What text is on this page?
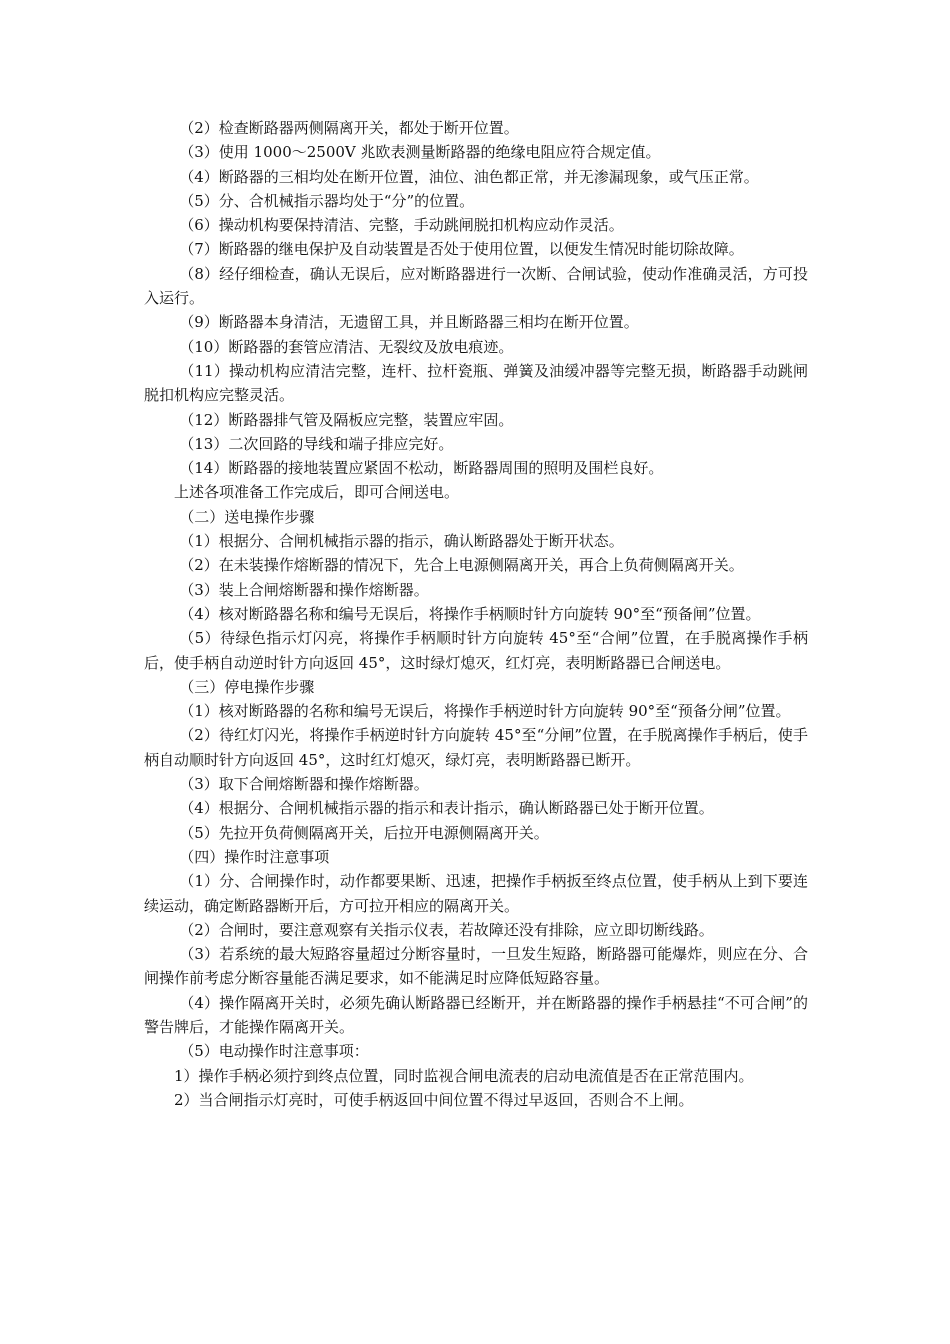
（2）检查断路器两侧隔离开关，都处于断开位置。

（3）使用 1000～2500V 兆欧表测量断路器的绝缘电阻应符合规定值。

（4）断路器的三相均处在断开位置，油位、油色都正常，并无渗漏现象，或气压正常。

（5）分、合机械指示器均处于“分”的位置。

（6）操动机构要保持清洁、完整，手动跳闸脱扣机构应动作灵活。

（7）断路器的继电保护及自动装置是否处于使用位置，以便发生情况时能切除故障。

（8）经仔细检查，确认无误后，应对断路器进行一次断、合闸试验，使动作准确灵活，方可投入运行。

（9）断路器本身清洁，无遗留工具，并且断路器三相均在断开位置。

（10）断路器的套管应清洁、无裂纹及放电痕迹。

（11）操动机构应清洁完整，连杆、拉杆瓷瓶、弹簧及油缓冲器等完整无损，断路器手动跳闸脱扣机构应完整灵活。

（12）断路器排气管及隔板应完整，装置应牢固。

（13）二次回路的导线和端子排应完好。

（14）断路器的接地装置应紧固不松动，断路器周围的照明及围栏良好。

上述各项准备工作完成后，即可合闸送电。

（二）送电操作步骤

（1）根据分、合闸机械指示器的指示，确认断路器处于断开状态。

（2）在未装操作熔断器的情况下，先合上电源侧隔离开关，再合上负荷侧隔离开关。

（3）装上合闸熔断器和操作熔断器。

（4）核对断路器名称和编号无误后，将操作手柄顺时针方向旋转 90°至“预备闸”位置。

（5）待绿色指示灯闪亮，将操作手柄顺时针方向旋转 45°至“合闸”位置，在手脱离操作手柄后，使手柄自动逆时针方向返回 45°，这时绿灯熄灭，红灯亮，表明断路器已合闸送电。

（三）停电操作步骤

（1）核对断路器的名称和编号无误后，将操作手柄逆时针方向旋转 90°至“预备分闸”位置。

（2）待红灯闪光，将操作手柄逆时针方向旋转 45°至“分闸”位置，在手脱离操作手柄后，使手柄自动顺时针方向返回 45°，这时红灯熄灭，绿灯亮，表明断路器已断开。

（3）取下合闸熔断器和操作熔断器。

（4）根据分、合闸机械指示器的指示和表计指示，确认断路器已处于断开位置。

（5）先拉开负荷侧隔离开关，后拉开电源侧隔离开关。

（四）操作时注意事项

（1）分、合闸操作时，动作都要果断、迅速，把操作手柄扳至终点位置，使手柄从上到下要连续运动，确定断路器断开后，方可拉开相应的隔离开关。

（2）合闸时，要注意观察有关指示仪表，若故障还没有排除，应立即切断线路。

（3）若系统的最大短路容量超过分断容量时，一旦发生短路，断路器可能爆炸，则应在分、合闸操作前考虑分断容量能否满足要求，如不能满足时应降低短路容量。

（4）操作隔离开关时，必须先确认断路器已经断开，并在断路器的操作手柄悬挂“不可合闸”的警告牌后，才能操作隔离开关。

（5）电动操作时注意事项：

1）操作手柄必须拧到终点位置，同时监视合闸电流表的启动电流值是否在正常范围内。

2）当合闸指示灯亮时，可使手柄返回中间位置不得过早返回，否则合不上闸。
